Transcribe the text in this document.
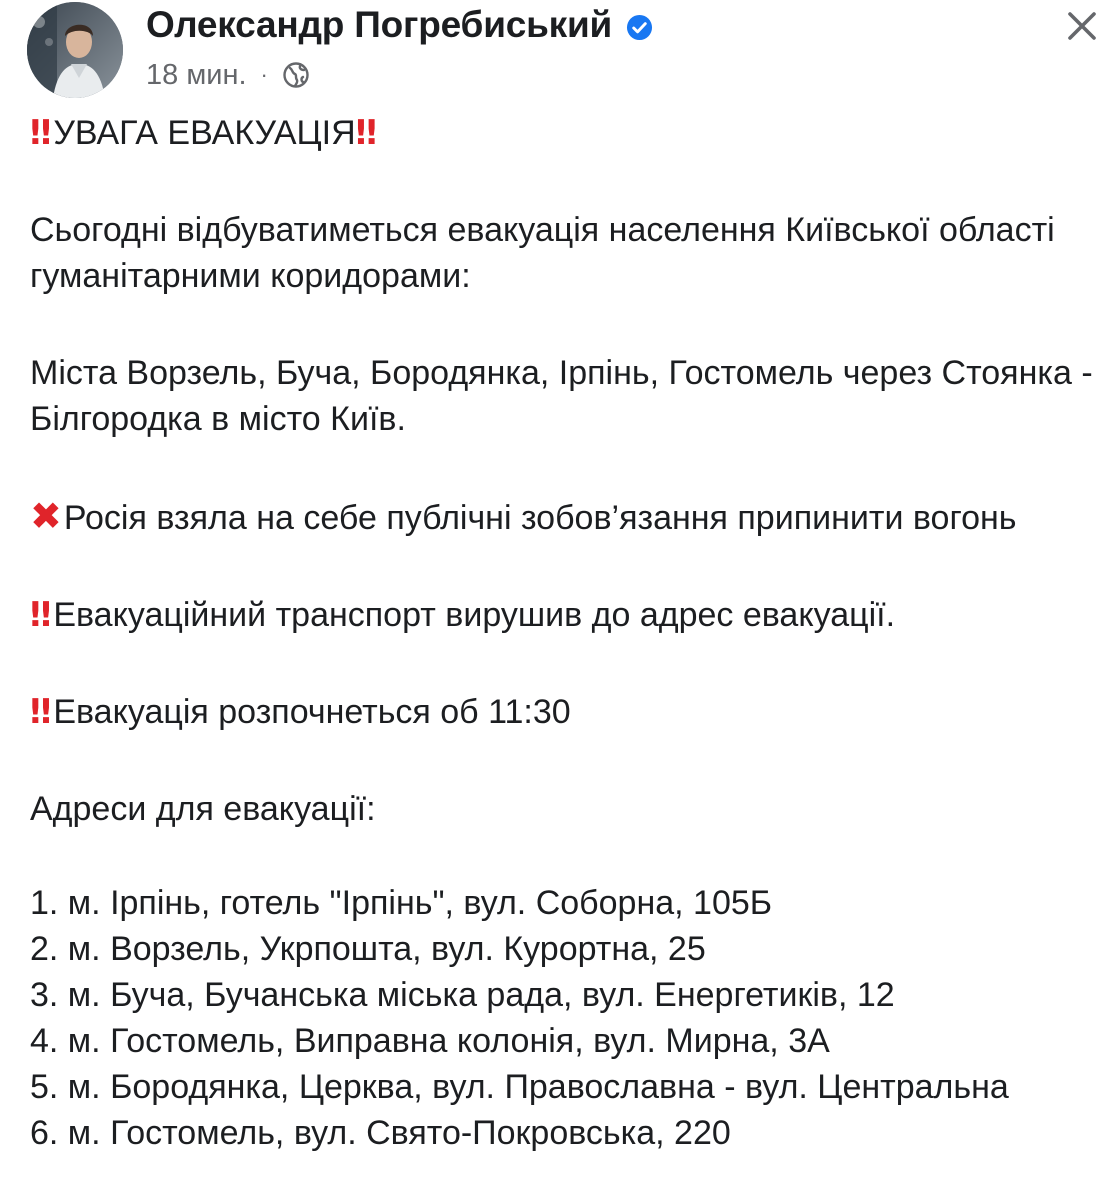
Олександр Погребиський
18 мин. ·

‼ УВАГА ЕВАКУАЦІЯ‼

Сьогодні відбуватиметься евакуація населення Київської області гуманітарними коридорами:

Міста Ворзель, Буча, Бородянка, Ірпінь, Гостомель через Стоянка - Білгородка в місто Київ.

✖Росія взяла на себе публічні зобов’язання припинити вогонь

‼ Евакуаційний транспорт вирушив до адрес евакуації.

‼ Евакуація розпочнеться об 11:30

Адреси для евакуації:

1. м. Ірпінь, готель "Ірпінь", вул. Соборна, 105Б
2. м. Ворзель, Укрпошта, вул. Курортна, 25
3. м. Буча, Бучанська міська рада, вул. Енергетиків, 12
4. м. Гостомель, Виправна колонія, вул. Мирна, 3А
5. м. Бородянка, Церква, вул. Православна - вул. Центральна
6. м. Гостомель, вул. Свято-Покровська, 220
